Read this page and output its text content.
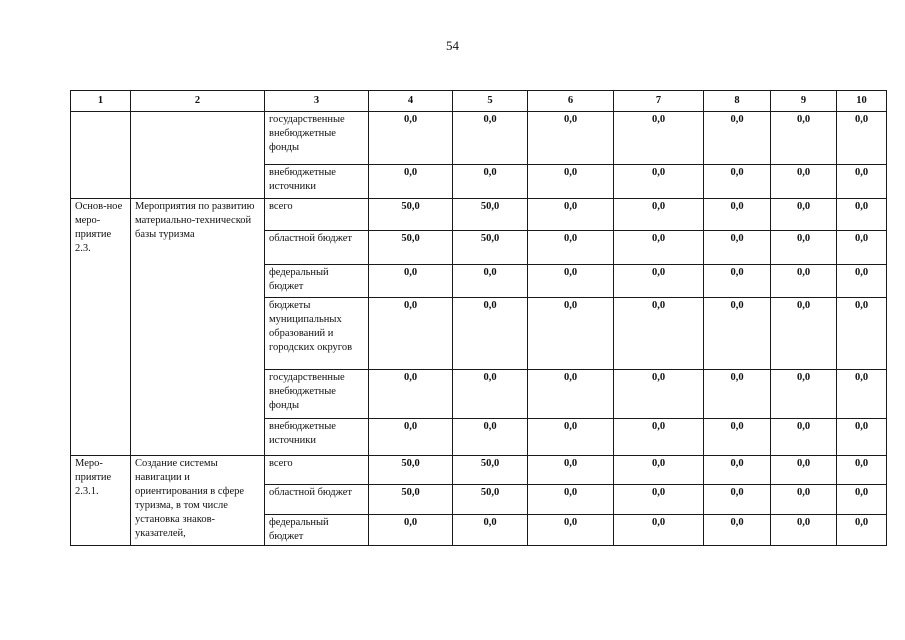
54
1	2	3	4	5	6	7	8	9	10
		государственные внебюджетные фонды	0,0	0,0	0,0	0,0	0,0	0,0	0,0
		внебюджетные источники	0,0	0,0	0,0	0,0	0,0	0,0	0,0
Основ-ное меро-приятие 2.3.	Мероприятия по развитию материально-технической базы туризма	всего	50,0	50,0	0,0	0,0	0,0	0,0	0,0
		областной бюджет	50,0	50,0	0,0	0,0	0,0	0,0	0,0
		федеральный бюджет	0,0	0,0	0,0	0,0	0,0	0,0	0,0
		бюджеты муниципальных образований и городских округов	0,0	0,0	0,0	0,0	0,0	0,0	0,0
		государственные внебюджетные фонды	0,0	0,0	0,0	0,0	0,0	0,0	0,0
		внебюджетные источники	0,0	0,0	0,0	0,0	0,0	0,0	0,0
Меро-приятие 2.3.1.	Создание системы навигации и ориентирования в сфере туризма, в том числе установка знаков-указателей,	всего	50,0	50,0	0,0	0,0	0,0	0,0	0,0
		областной бюджет	50,0	50,0	0,0	0,0	0,0	0,0	0,0
		федеральный бюджет	0,0	0,0	0,0	0,0	0,0	0,0	0,0
